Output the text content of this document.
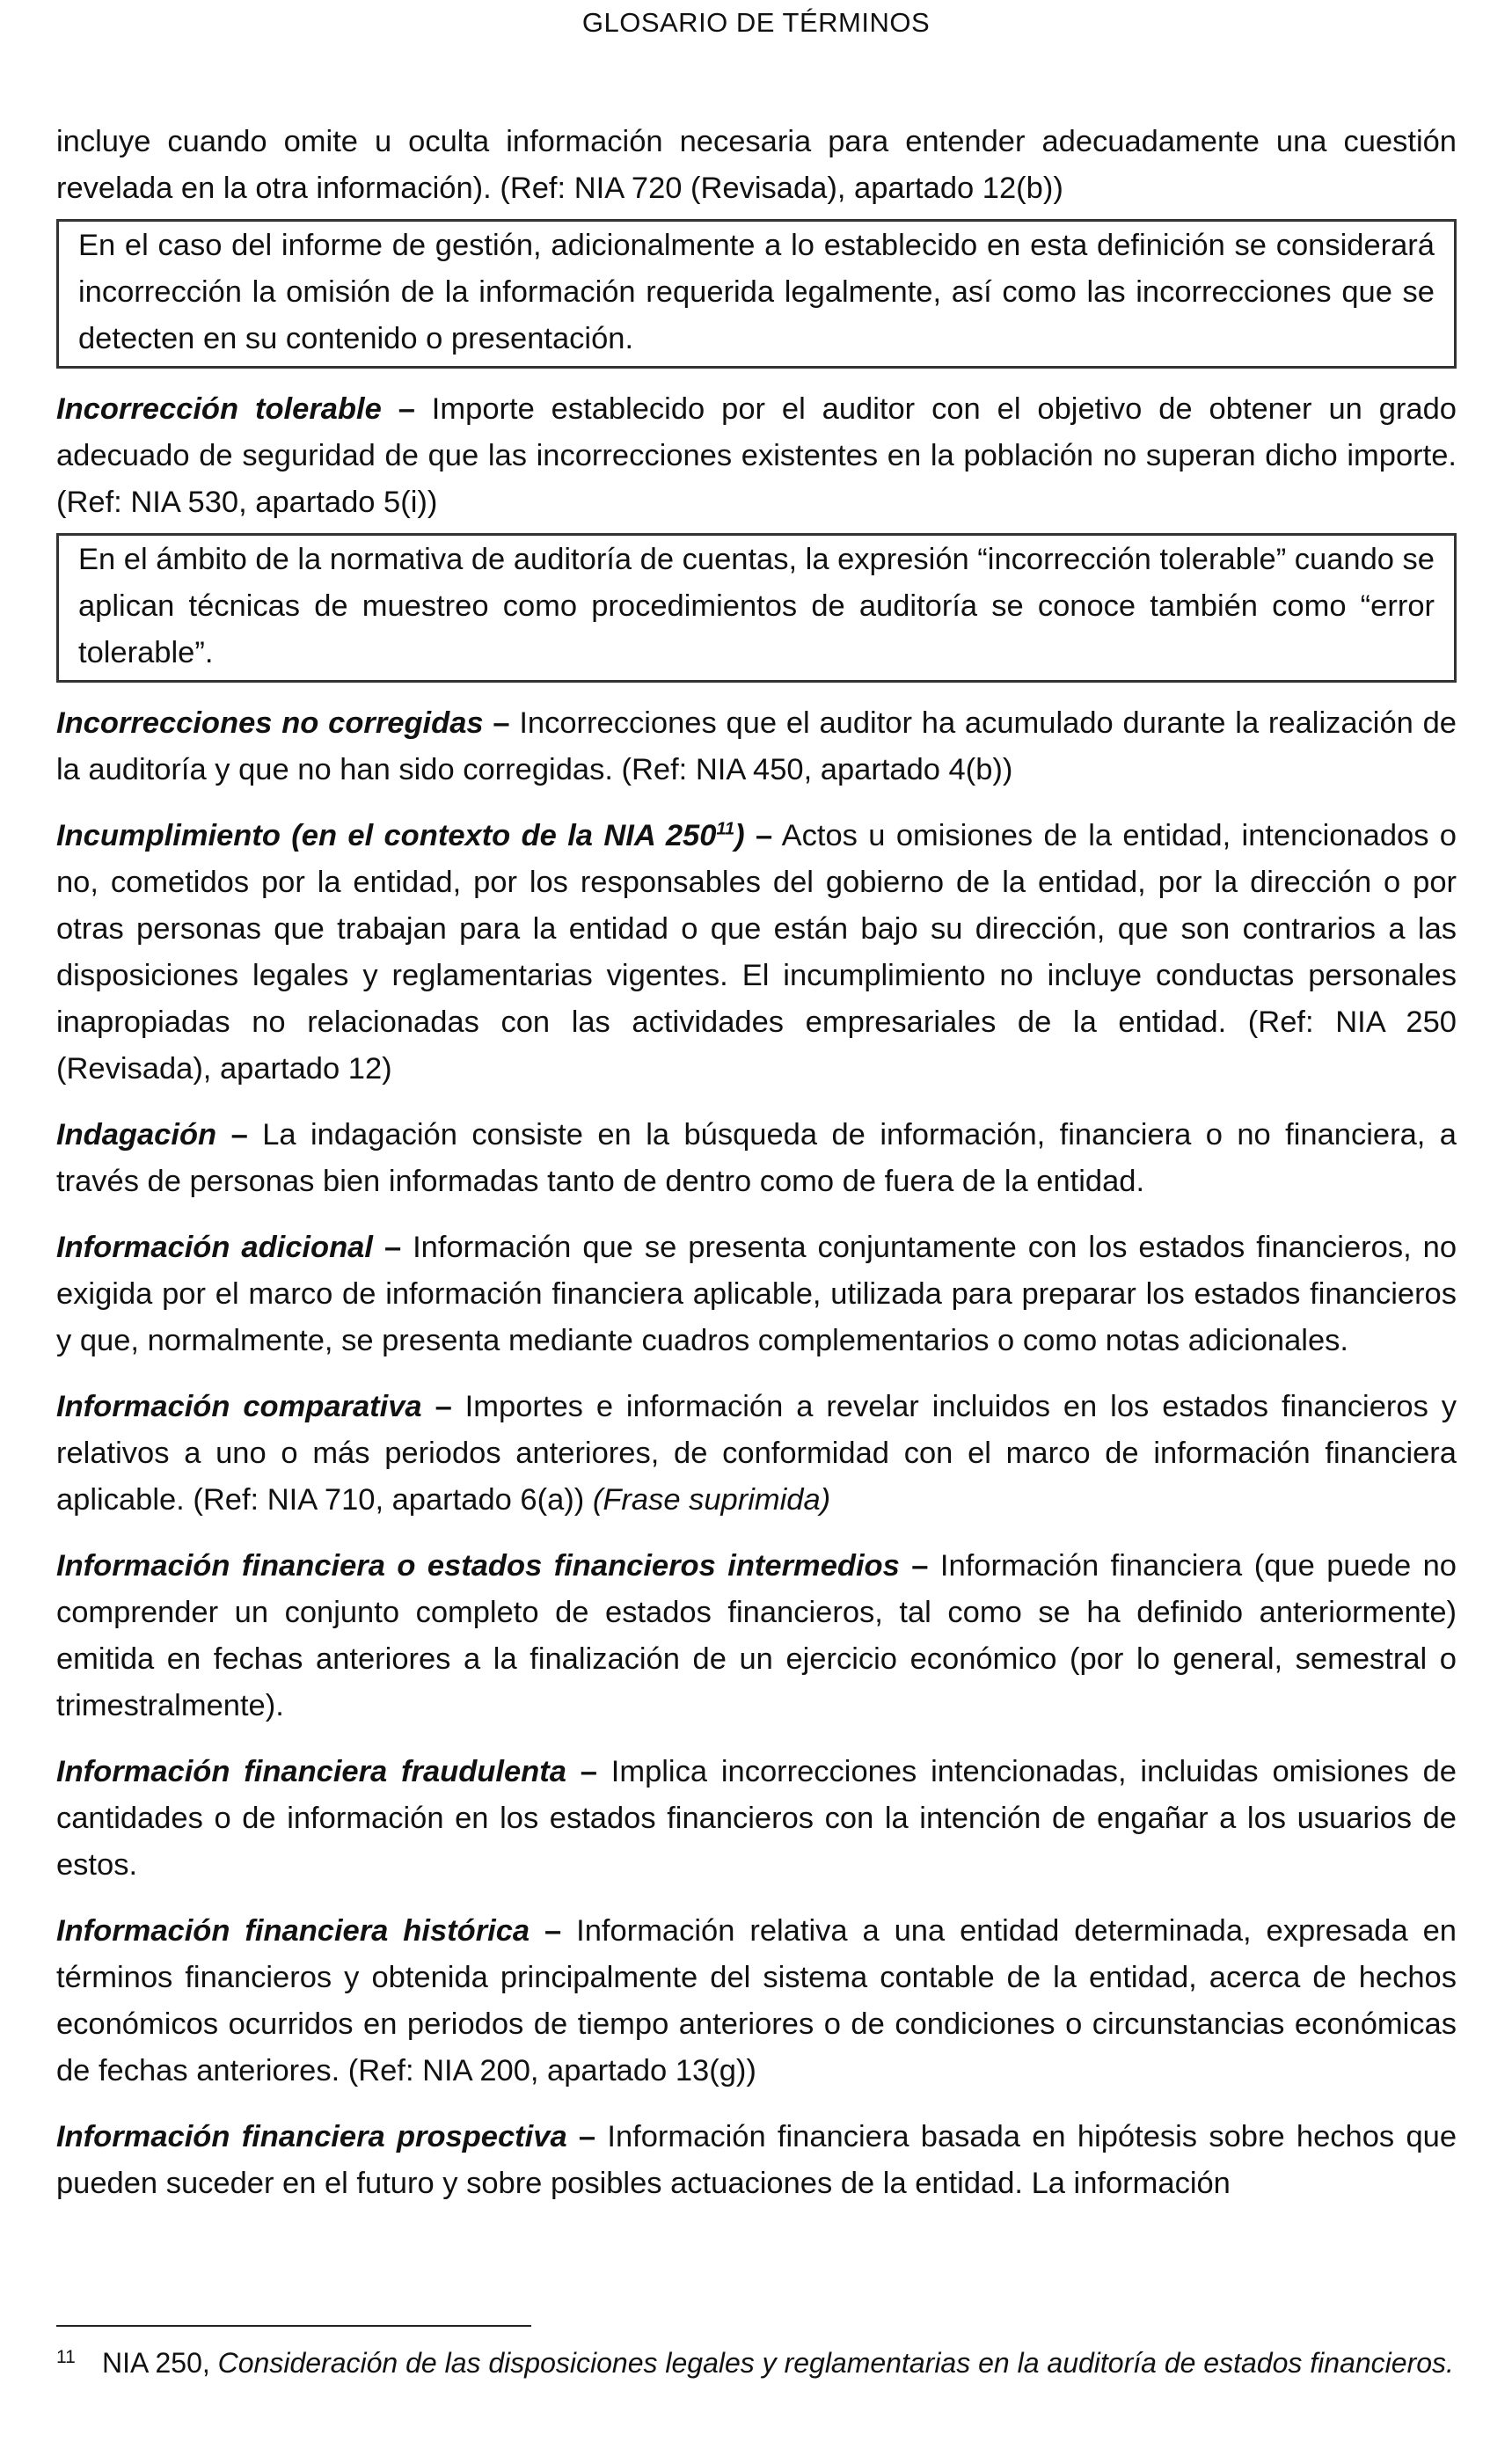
GLOSARIO DE TÉRMINOS

incluye cuando omite u oculta información necesaria para entender adecuadamente una cuestión revelada en la otra información). (Ref: NIA 720 (Revisada), apartado 12(b))

En el caso del informe de gestión, adicionalmente a lo establecido en esta definición se considerará incorrección la omisión de la información requerida legalmente, así como las incorrecciones que se detecten en su contenido o presentación.

Incorrección tolerable – Importe establecido por el auditor con el objetivo de obtener un grado adecuado de seguridad de que las incorrecciones existentes en la población no superan dicho importe. (Ref: NIA 530, apartado 5(i))

En el ámbito de la normativa de auditoría de cuentas, la expresión “incorrección tolerable” cuando se aplican técnicas de muestreo como procedimientos de auditoría se conoce también como “error tolerable”.

Incorrecciones no corregidas – Incorrecciones que el auditor ha acumulado durante la realización de la auditoría y que no han sido corregidas. (Ref: NIA 450, apartado 4(b))

Incumplimiento (en el contexto de la NIA $250^{11}$) – Actos u omisiones de la entidad, intencionados o no, cometidos por la entidad, por los responsables del gobierno de la entidad, por la dirección o por otras personas que trabajan para la entidad o que están bajo su dirección, que son contrarios a las disposiciones legales y reglamentarias vigentes. El incumplimiento no incluye conductas personales inapropiadas no relacionadas con las actividades empresariales de la entidad. (Ref: NIA 250 (Revisada), apartado 12)

Indagación – La indagación consiste en la búsqueda de información, financiera o no financiera, a través de personas bien informadas tanto de dentro como de fuera de la entidad.

Información adicional – Información que se presenta conjuntamente con los estados financieros, no exigida por el marco de información financiera aplicable, utilizada para preparar los estados financieros y que, normalmente, se presenta mediante cuadros complementarios o como notas adicionales.

Información comparativa – Importes e información a revelar incluidos en los estados financieros y relativos a uno o más periodos anteriores, de conformidad con el marco de información financiera aplicable. (Ref: NIA 710, apartado 6(a)) (Frase suprimida)

Información financiera o estados financieros intermedios – Información financiera (que puede no comprender un conjunto completo de estados financieros, tal como se ha definido anteriormente) emitida en fechas anteriores a la finalización de un ejercicio económico (por lo general, semestral o trimestralmente).

Información financiera fraudulenta – Implica incorrecciones intencionadas, incluidas omisiones de cantidades o de información en los estados financieros con la intención de engañar a los usuarios de estos.

Información financiera histórica – Información relativa a una entidad determinada, expresada en términos financieros y obtenida principalmente del sistema contable de la entidad, acerca de hechos económicos ocurridos en periodos de tiempo anteriores o de condiciones o circunstancias económicas de fechas anteriores. (Ref: NIA 200, apartado 13(g))

Información financiera prospectiva – Información financiera basada en hipótesis sobre hechos que pueden suceder en el futuro y sobre posibles actuaciones de la entidad. La información

11 NIA 250, Consideración de las disposiciones legales y reglamentarias en la auditoría de estados financieros.
